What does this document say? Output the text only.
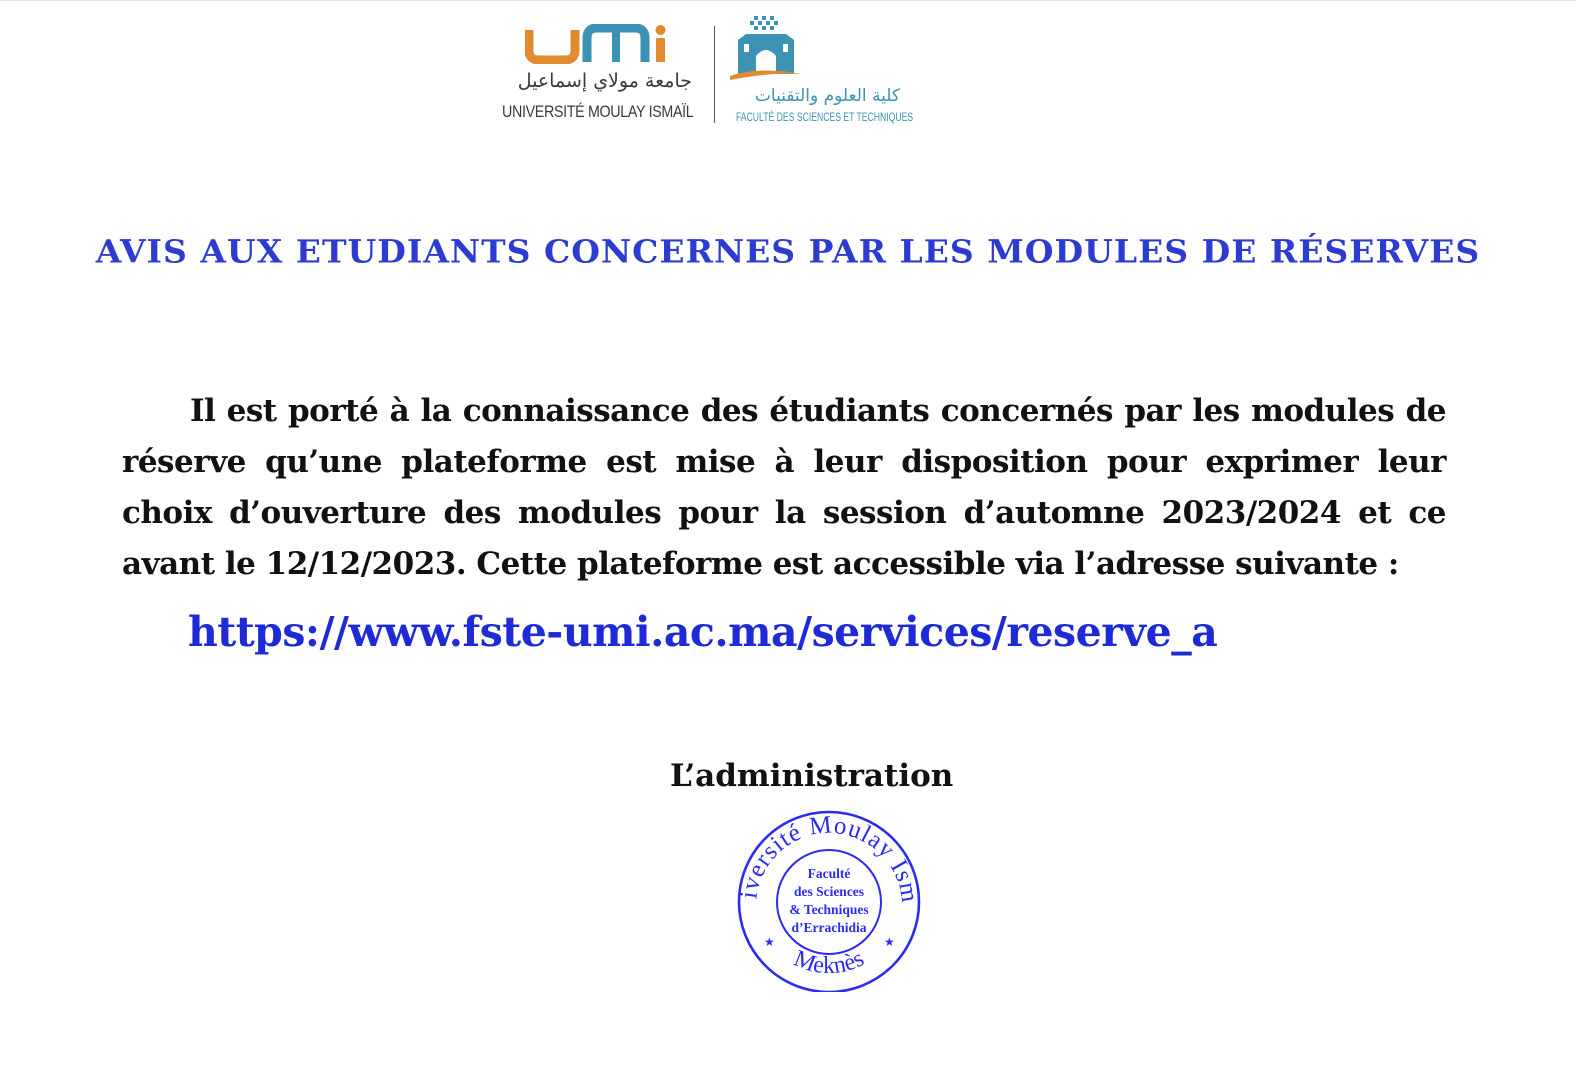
جامعة مولاي إسماعيل
UNIVERSITÉ MOULAY ISMAÏL
كلية العلوم والتقنيات
FACULTÉ DES SCIENCES ET TECHNIQUES
AVIS AUX ETUDIANTS CONCERNES PAR LES MODULES DE RÉSERVES

Il est porté à la connaissance des étudiants concernés par les modules de réserve qu’une plateforme est mise à leur disposition pour exprimer leur choix d’ouverture des modules pour la session d’automne 2023/2024 et ce avant le 12/12/2023. Cette plateforme est accessible via l’adresse suivante :

https://www.fste-umi.ac.ma/services/reserve_a
L’administration
iversité Moulay Ism
Meknès
★	★
Faculté
des Sciences
& Techniques
d’Errachidia
